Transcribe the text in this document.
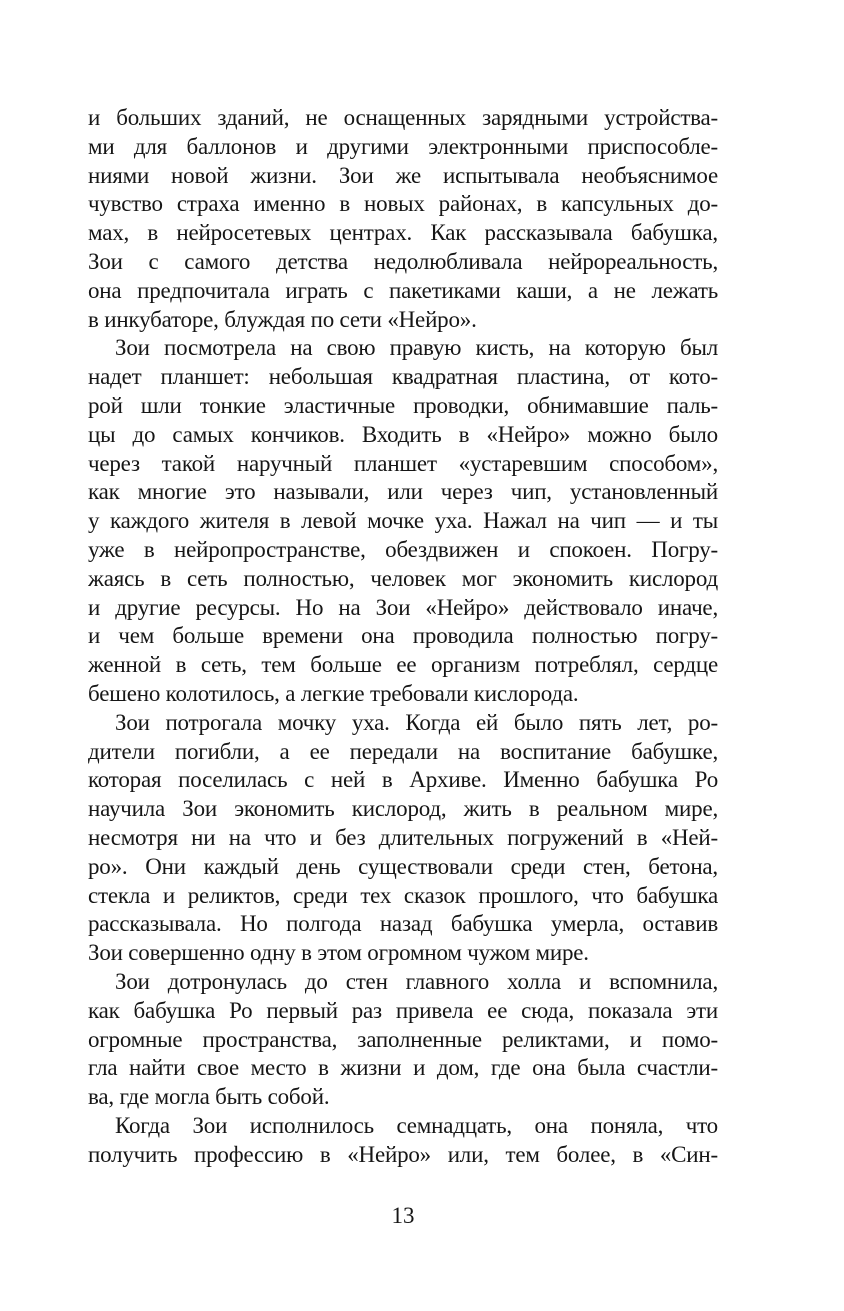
и больших зданий, не оснащенных зарядными устройства-
ми для баллонов и другими электронными приспособле-
ниями новой жизни. Зои же испытывала необъяснимое
чувство страха именно в новых районах, в капсульных до-
мах, в нейросетевых центрах. Как рассказывала бабушка,
Зои с самого детства недолюбливала нейрореальность,
она предпочитала играть с пакетиками каши, а не лежать
в инкубаторе, блуждая по сети «Нейро».
Зои посмотрела на свою правую кисть, на которую был
надет планшет: небольшая квадратная пластина, от кото-
рой шли тонкие эластичные проводки, обнимавшие паль-
цы до самых кончиков. Входить в «Нейро» можно было
через такой наручный планшет «устаревшим способом»,
как многие это называли, или через чип, установленный
у каждого жителя в левой мочке уха. Нажал на чип — и ты
уже в нейропространстве, обездвижен и спокоен. Погру-
жаясь в сеть полностью, человек мог экономить кислород
и другие ресурсы. Но на Зои «Нейро» действовало иначе,
и чем больше времени она проводила полностью погру-
женной в сеть, тем больше ее организм потреблял, сердце
бешено колотилось, а легкие требовали кислорода.
Зои потрогала мочку уха. Когда ей было пять лет, ро-
дители погибли, а ее передали на воспитание бабушке,
которая поселилась с ней в Архиве. Именно бабушка Ро
научила Зои экономить кислород, жить в реальном мире,
несмотря ни на что и без длительных погружений в «Ней-
ро». Они каждый день существовали среди стен, бетона,
стекла и реликтов, среди тех сказок прошлого, что бабушка
рассказывала. Но полгода назад бабушка умерла, оставив
Зои совершенно одну в этом огромном чужом мире.
Зои дотронулась до стен главного холла и вспомнила,
как бабушка Ро первый раз привела ее сюда, показала эти
огромные пространства, заполненные реликтами, и помо-
гла найти свое место в жизни и дом, где она была счастли-
ва, где могла быть собой.
Когда Зои исполнилось семнадцать, она поняла, что
получить профессию в «Нейро» или, тем более, в «Син-
13
